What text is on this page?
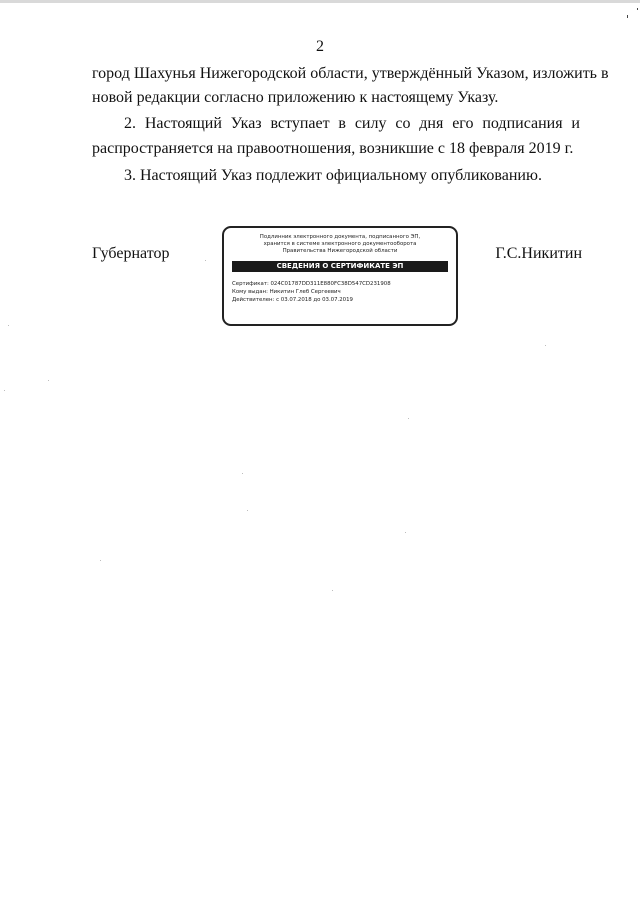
2
город Шахунья Нижегородской области, утверждённый Указом, изложить в
новой редакции согласно приложению к настоящему Указу.
2. Настоящий Указ вступает в силу со дня его подписания и
распространяется на правоотношения, возникшие с 18 февраля 2019 г.
3. Настоящий Указ подлежит официальному опубликованию.
Губернатор
Подлинник электронного документа, подписанного ЭП,
хранится в системе электронного документооборота
Правительства Нижегородской области
СВЕДЕНИЯ О СЕРТИФИКАТЕ ЭП
Сертификат: 024C01787DD311E880FC38D547CD231908
Кому выдан: Никитин Глеб Сергеевич
Действителен: с 03.07.2018 до 03.07.2019
Г.С.Никитин
